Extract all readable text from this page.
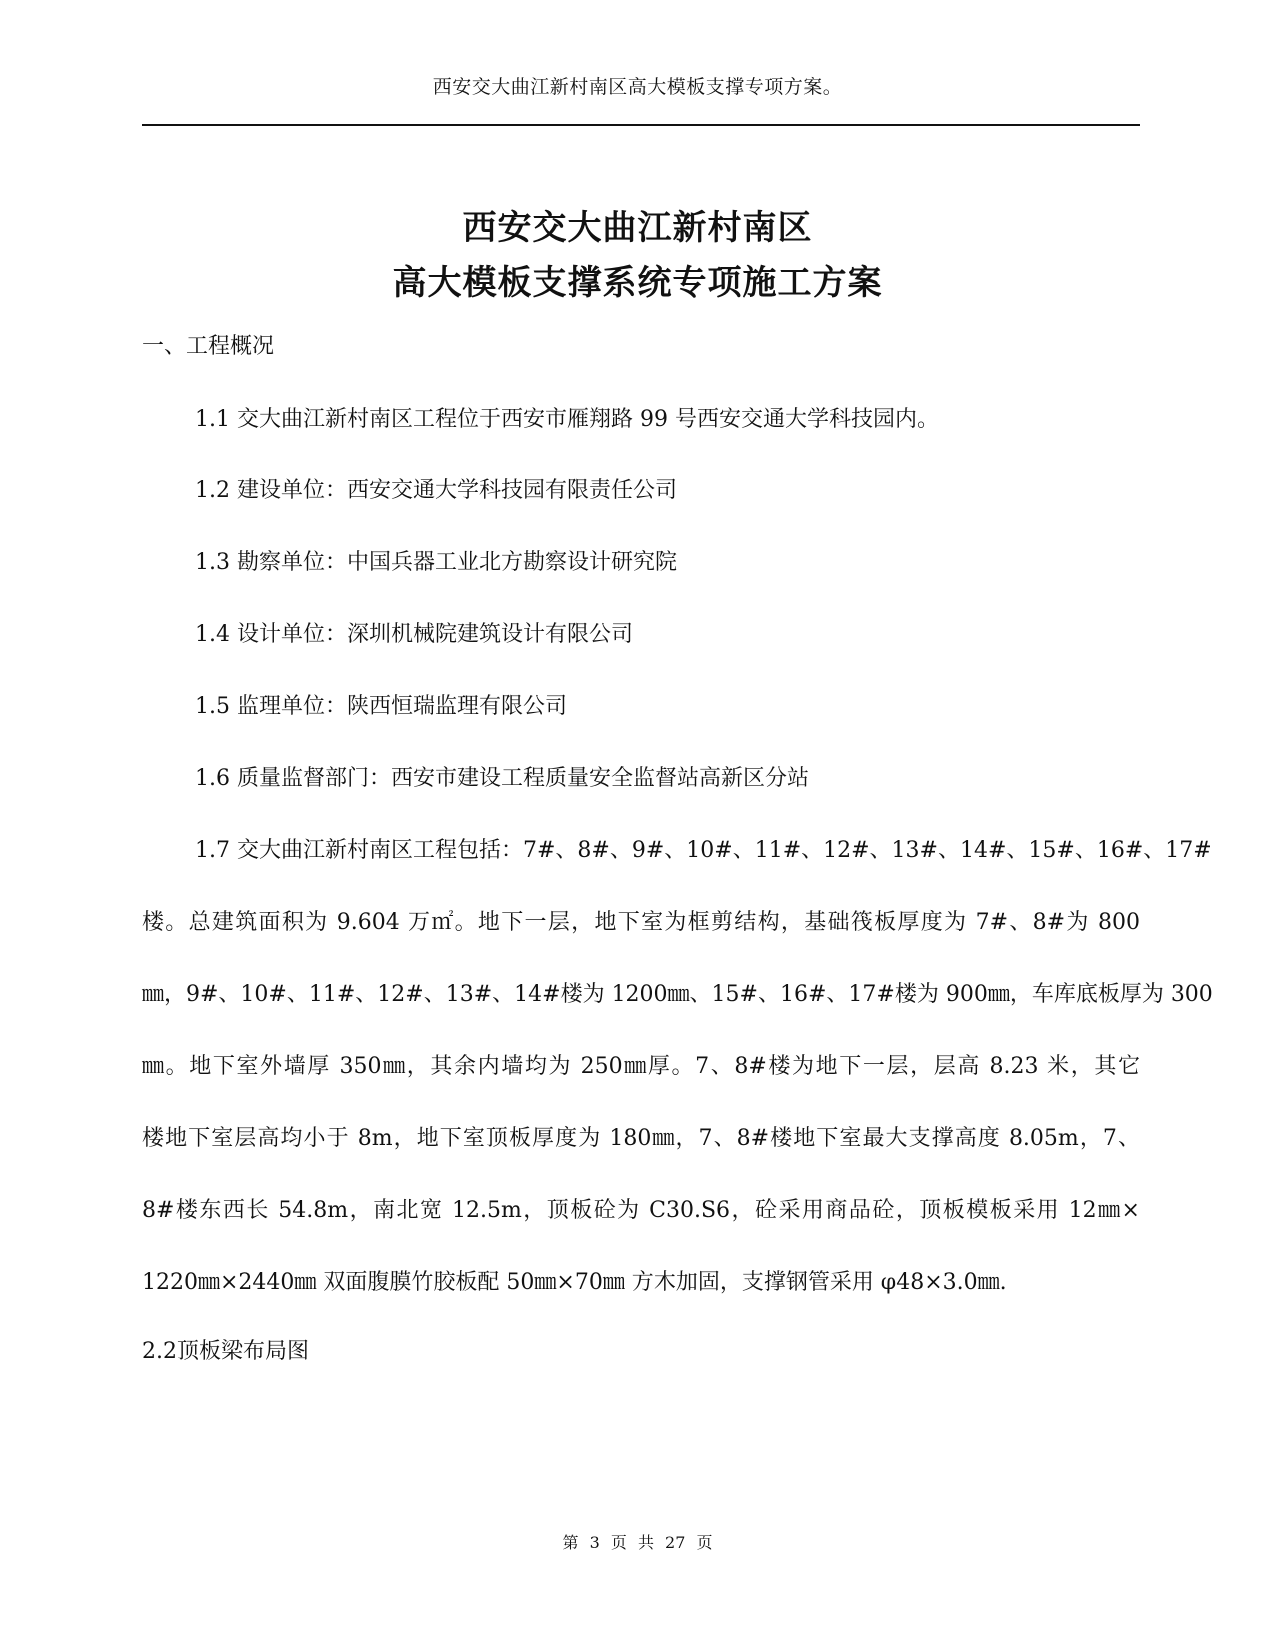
西安交大曲江新村南区高大模板支撑专项方案。
西安交大曲江新村南区
高大模板支撑系统专项施工方案
一、工程概况
1.1 交大曲江新村南区工程位于西安市雁翔路 99 号西安交通大学科技园内。
1.2 建设单位：西安交通大学科技园有限责任公司
1.3 勘察单位：中国兵器工业北方勘察设计研究院
1.4 设计单位：深圳机械院建筑设计有限公司
1.5 监理单位：陕西恒瑞监理有限公司
1.6 质量监督部门：西安市建设工程质量安全监督站高新区分站
1.7 交大曲江新村南区工程包括：7#、8#、9#、10#、11#、12#、13#、14#、15#、16#、17#
楼。总建筑面积为 9.604 万㎡。地下一层，地下室为框剪结构，基础筏板厚度为 7#、8#为 800
㎜，9#、10#、11#、12#、13#、14#楼为 1200㎜、15#、16#、17#楼为 900㎜，车库底板厚为 300
㎜。地下室外墙厚 350㎜，其余内墙均为 250㎜厚。7、8#楼为地下一层，层高 8.23 米，其它
楼地下室层高均小于 8m，地下室顶板厚度为 180㎜，7、8#楼地下室最大支撑高度 8.05m，7、
8#楼东西长 54.8m，南北宽 12.5m，顶板砼为 C30.S6，砼采用商品砼，顶板模板采用 12㎜×
1220㎜×2440㎜ 双面腹膜竹胶板配 50㎜×70㎜ 方木加固，支撑钢管采用 φ48×3.0㎜.
2.2顶板梁布局图
第 3 页 共 27 页
